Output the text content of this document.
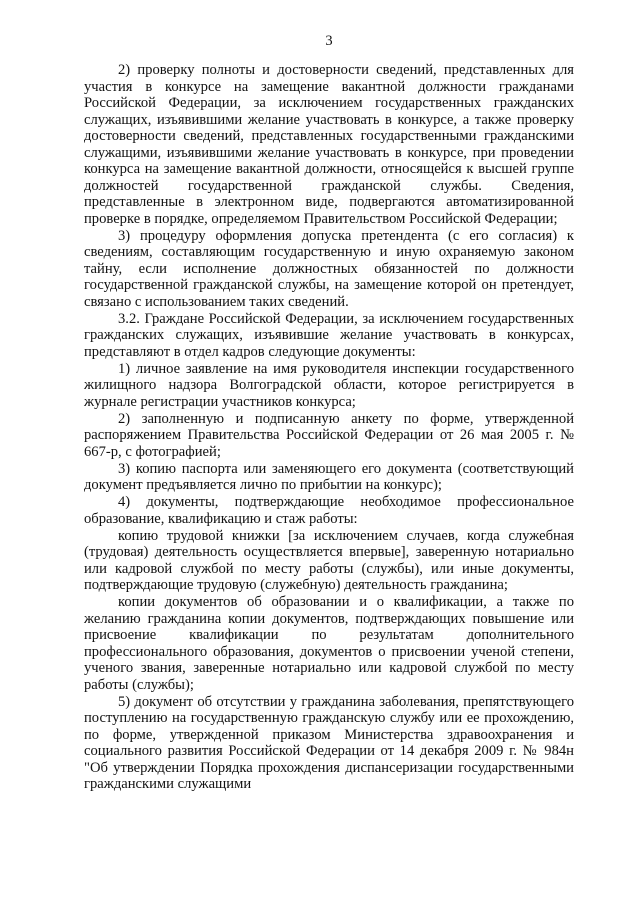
3

2) проверку полноты и достоверности сведений, представленных для участия в конкурсе на замещение вакантной должности гражданами Российской Федерации, за исключением государственных гражданских служащих, изъявившими желание участвовать в конкурсе, а также проверку достоверности сведений, представленных государственными гражданскими служащими, изъявившими желание участвовать в конкурсе, при проведении конкурса на замещение вакантной должности, относящейся к высшей группе должностей государственной гражданской службы. Сведения, представленные в электронном виде, подвергаются автоматизированной проверке в порядке, определяемом Правительством Российской Федерации;

3) процедуру оформления допуска претендента (с его согласия) к сведениям, составляющим государственную и иную охраняемую законом тайну, если исполнение должностных обязанностей по должности государственной гражданской службы, на замещение которой он претендует, связано с использованием таких сведений.

3.2. Граждане Российской Федерации, за исключением государственных гражданских служащих, изъявившие желание участвовать в конкурсах, представляют в отдел кадров следующие документы:

1) личное заявление на имя руководителя инспекции государственного жилищного надзора Волгоградской области, которое регистрируется в журнале регистрации участников конкурса;

2) заполненную и подписанную анкету по форме, утвержденной распоряжением Правительства Российской Федерации от 26 мая 2005 г. № 667-р, с фотографией;

3) копию паспорта или заменяющего его документа (соответствующий документ предъявляется лично по прибытии на конкурс);

4) документы, подтверждающие необходимое профессиональное образование, квалификацию и стаж работы:

копию трудовой книжки [за исключением случаев, когда служебная (трудовая) деятельность осуществляется впервые], заверенную нотариально или кадровой службой по месту работы (службы), или иные документы, подтверждающие трудовую (служебную) деятельность гражданина;

копии документов об образовании и о квалификации, а также по желанию гражданина копии документов, подтверждающих повышение или присвоение квалификации по результатам дополнительного профессионального образования, документов о присвоении ученой степени, ученого звания, заверенные нотариально или кадровой службой по месту работы (службы);

5) документ об отсутствии у гражданина заболевания, препятствующего поступлению на государственную гражданскую службу или ее прохождению, по форме, утвержденной приказом Министерства здравоохранения и социального развития Российской Федерации от 14 декабря 2009 г. № 984н "Об утверждении Порядка прохождения диспансеризации государственными гражданскими служащими
